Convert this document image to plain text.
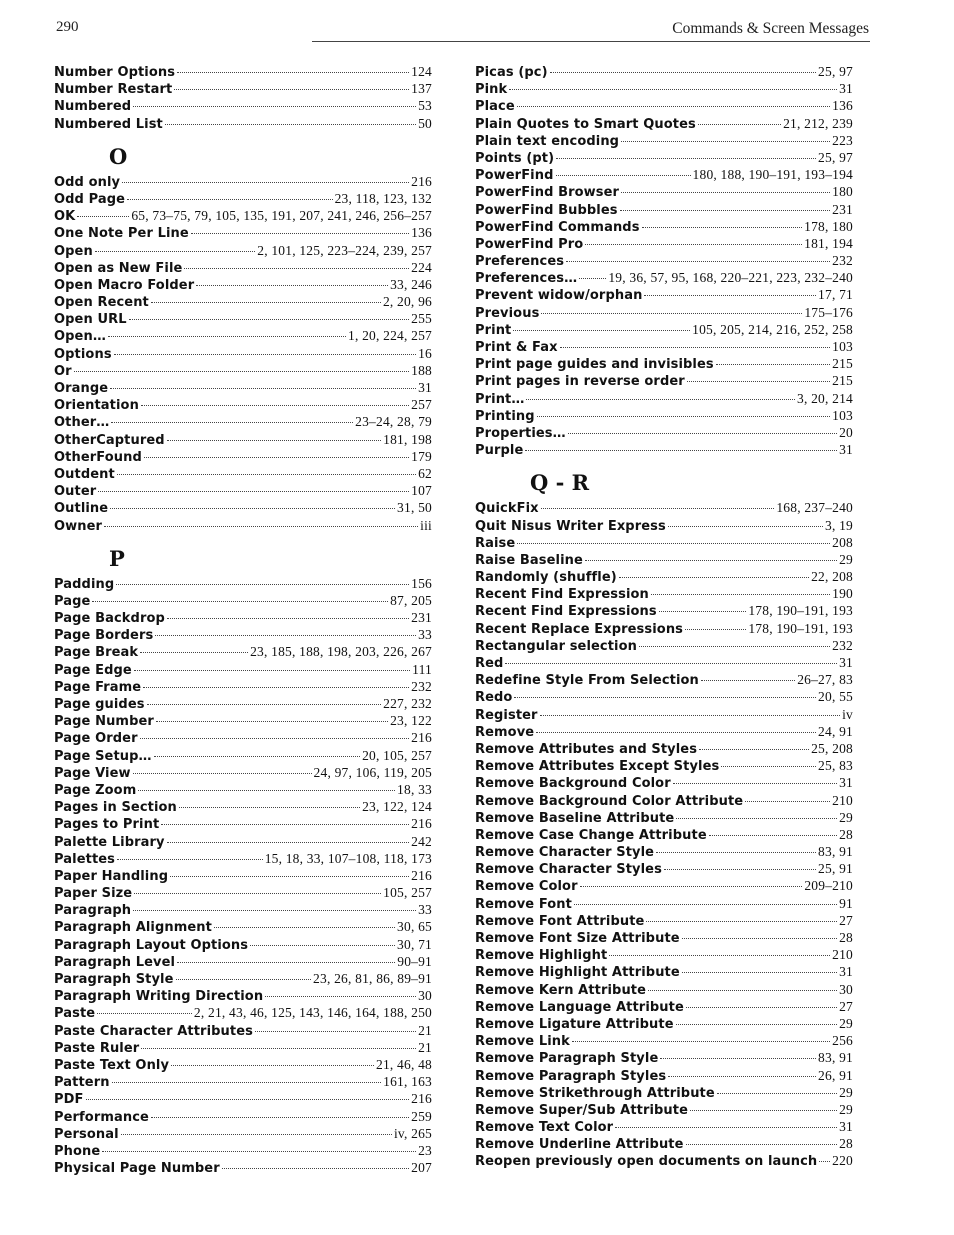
290	Commands & Screen Messages
Number Options	124
Number Restart	137
Numbered	53
Numbered List	50
O
Odd only	216
Odd Page	23, 118, 123, 132
OK	65, 73–75, 79, 105, 135, 191, 207, 241, 246, 256–257
One Note Per Line	136
Open	2, 101, 125, 223–224, 239, 257
Open as New File	224
Open Macro Folder	33, 246
Open Recent	2, 20, 96
Open URL	255
Open…	1, 20, 224, 257
Options	16
Or	188
Orange	31
Orientation	257
Other…	23–24, 28, 79
OtherCaptured	181, 198
OtherFound	179
Outdent	62
Outer	107
Outline	31, 50
Owner	iii
P
Padding	156
Page	87, 205
Page Backdrop	231
Page Borders	33
Page Break	23, 185, 188, 198, 203, 226, 267
Page Edge	111
Page Frame	232
Page guides	227, 232
Page Number	23, 122
Page Order	216
Page Setup…	20, 105, 257
Page View	24, 97, 106, 119, 205
Page Zoom	18, 33
Pages in Section	23, 122, 124
Pages to Print	216
Palette Library	242
Palettes	15, 18, 33, 107–108, 118, 173
Paper Handling	216
Paper Size	105, 257
Paragraph	33
Paragraph Alignment	30, 65
Paragraph Layout Options	30, 71
Paragraph Level	90–91
Paragraph Style	23, 26, 81, 86, 89–91
Paragraph Writing Direction	30
Paste	2, 21, 43, 46, 125, 143, 146, 164, 188, 250
Paste Character Attributes	21
Paste Ruler	21
Paste Text Only	21, 46, 48
Pattern	161, 163
PDF	216
Performance	259
Personal	iv, 265
Phone	23
Physical Page Number	207
Picas (pc)	25, 97
Pink	31
Place	136
Plain Quotes to Smart Quotes	21, 212, 239
Plain text encoding	223
Points (pt)	25, 97
PowerFind	180, 188, 190–191, 193–194
PowerFind Browser	180
PowerFind Bubbles	231
PowerFind Commands	178, 180
PowerFind Pro	181, 194
Preferences	232
Preferences… 19, 36, 57, 95, 168, 220–221, 223, 232–240
Prevent widow/orphan	17, 71
Previous	175–176
Print	105, 205, 214, 216, 252, 258
Print & Fax	103
Print page guides and invisibles	215
Print pages in reverse order	215
Print…	3, 20, 214
Printing	103
Properties…	20
Purple	31
Q - R
QuickFix	168, 237–240
Quit Nisus Writer Express	3, 19
Raise	208
Raise Baseline	29
Randomly (shuffle)	22, 208
Recent Find Expression	190
Recent Find Expressions	178, 190–191, 193
Recent Replace Expressions	178, 190–191, 193
Rectangular selection	232
Red	31
Redefine Style From Selection	26–27, 83
Redo	20, 55
Register	iv
Remove	24, 91
Remove Attributes and Styles	25, 208
Remove Attributes Except Styles	25, 83
Remove Background Color	31
Remove Background Color Attribute	210
Remove Baseline Attribute	29
Remove Case Change Attribute	28
Remove Character Style	83, 91
Remove Character Styles	25, 91
Remove Color	209–210
Remove Font	91
Remove Font Attribute	27
Remove Font Size Attribute	28
Remove Highlight	210
Remove Highlight Attribute	31
Remove Kern Attribute	30
Remove Language Attribute	27
Remove Ligature Attribute	29
Remove Link	256
Remove Paragraph Style	83, 91
Remove Paragraph Styles	26, 91
Remove Strikethrough Attribute	29
Remove Super/Sub Attribute	29
Remove Text Color	31
Remove Underline Attribute	28
Reopen previously open documents on launch 220
